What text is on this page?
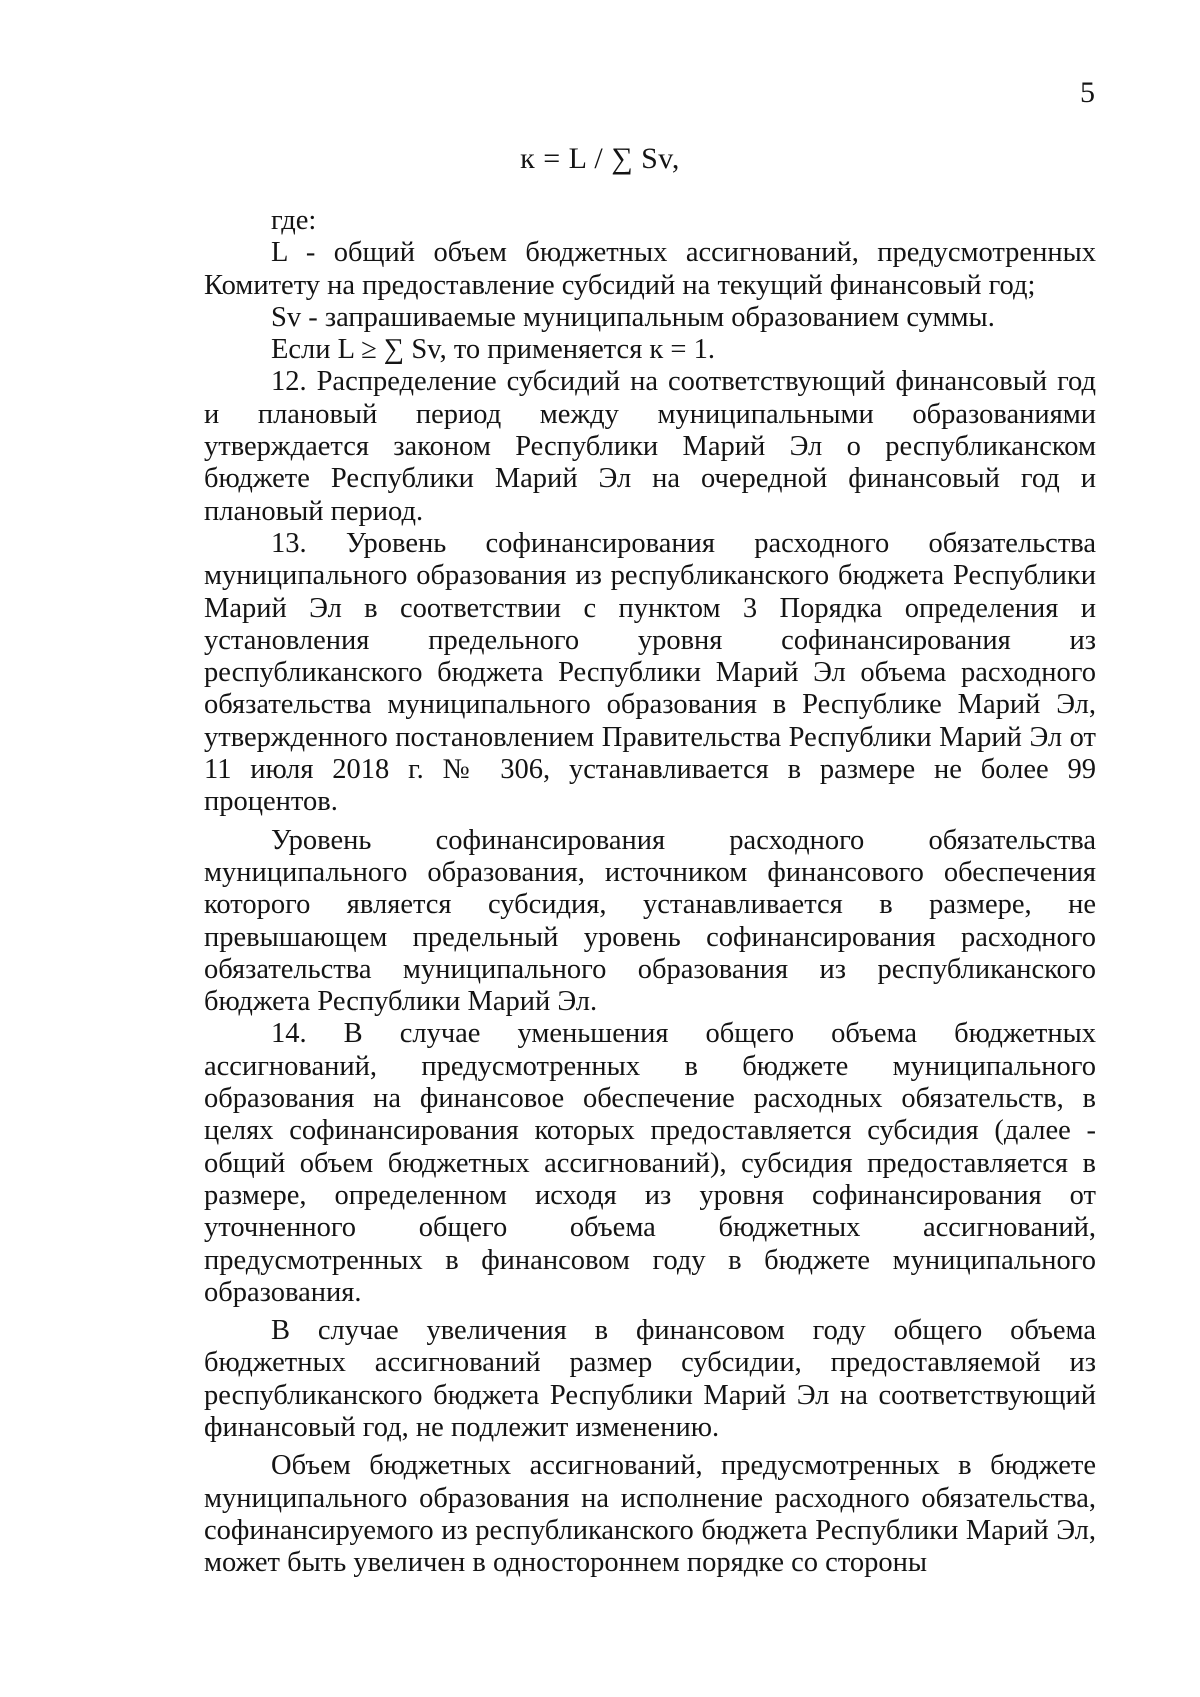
5
к = L / ∑ Sv,

где:

L - общий объем бюджетных ассигнований, предусмотренных Комитету на предоставление субсидий на текущий финансовый год;

Sv - запрашиваемые муниципальным образованием суммы.

Если L ≥ ∑ Sv, то применяется к = 1.

12. Распределение субсидий на соответствующий финансовый год и плановый период между муниципальными образованиями утверждается законом Республики Марий Эл о республиканском бюджете Республики Марий Эл на очередной финансовый год и плановый период.

13. Уровень софинансирования расходного обязательства муниципального образования из республиканского бюджета Республики Марий Эл в соответствии с пунктом 3 Порядка определения и установления предельного уровня софинансирования из республиканского бюджета Республики Марий Эл объема расходного обязательства муниципального образования в Республике Марий Эл, утвержденного постановлением Правительства Республики Марий Эл от 11 июля 2018 г. № 306, устанавливается в размере не более 99 процентов.

Уровень софинансирования расходного обязательства муниципального образования, источником финансового обеспечения которого является субсидия, устанавливается в размере, не превышающем предельный уровень софинансирования расходного обязательства муниципального образования из республиканского бюджета Республики Марий Эл.

14. В случае уменьшения общего объема бюджетных ассигнований, предусмотренных в бюджете муниципального образования на финансовое обеспечение расходных обязательств, в целях софинансирования которых предоставляется субсидия (далее - общий объем бюджетных ассигнований), субсидия предоставляется в размере, определенном исходя из уровня софинансирования от уточненного общего объема бюджетных ассигнований, предусмотренных в финансовом году в бюджете муниципального образования.

В случае увеличения в финансовом году общего объема бюджетных ассигнований размер субсидии, предоставляемой из республиканского бюджета Республики Марий Эл на соответствующий финансовый год, не подлежит изменению.

Объем бюджетных ассигнований, предусмотренных в бюджете муниципального образования на исполнение расходного обязательства, софинансируемого из республиканского бюджета Республики Марий Эл, может быть увеличен в одностороннем порядке со стороны
